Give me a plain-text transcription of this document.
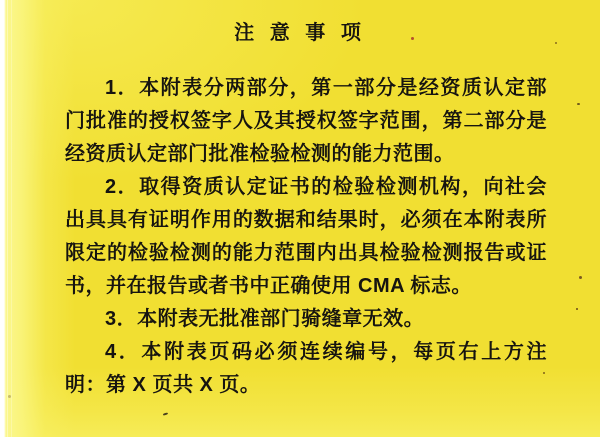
注 意 事 项

1．本附表分两部分，第一部分是经资质认定部门批准的授权签字人及其授权签字范围，第二部分是经资质认定部门批准检验检测的能力范围。

2．取得资质认定证书的检验检测机构，向社会出具具有证明作用的数据和结果时，必须在本附表所限定的检验检测的能力范围内出具检验检测报告或证书，并在报告或者书中正确使用 CMA 标志。

3．本附表无批准部门骑缝章无效。

4．本附表页码必须连续编号，每页右上方注明：第 X 页共 X 页。
